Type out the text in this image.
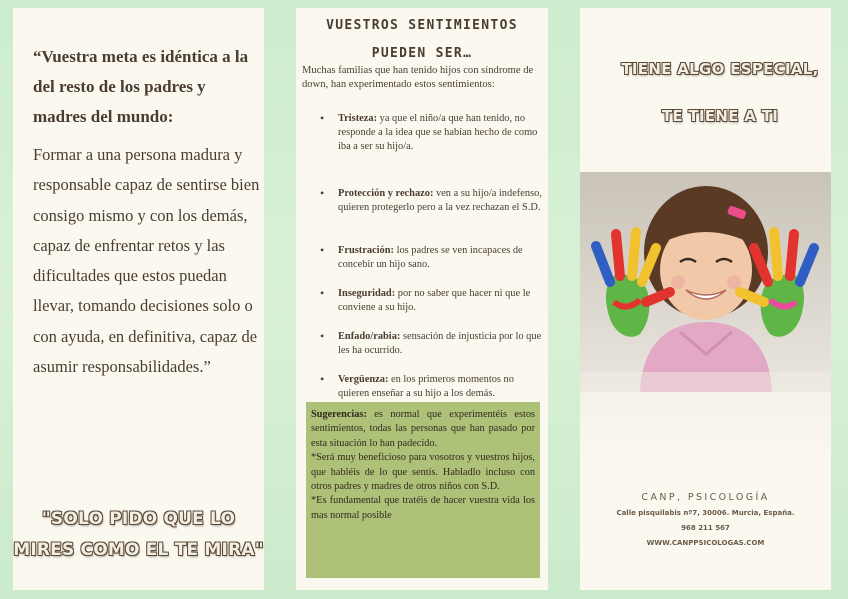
“Vuestra meta es idéntica a la del resto de los padres y madres del mundo:
Formar a una persona madura y responsable capaz de sentirse bien consigo mismo y con los demás, capaz de enfrentar retos y las dificultades que estos puedan llevar, tomando decisiones solo o con ayuda, en definitiva, capaz de asumir responsabilidades.”
"SOLO PIDO QUE LO MIRES COMO EL TE MIRA"
VUESTROS SENTIMIENTOS PUEDEN SER…
Muchas familias que han tenido hijos con síndrome de down, han experimentado estos sentimientos:
• Tristeza: ya que el niño/a que han tenido, no responde a la idea que se habían hecho de como iba a ser su hijo/a.
• Protección y rechazo: ven a su hijo/a indefenso, quieren protegerlo pero a la vez rechazan el S.D.
• Frustración: los padres se ven incapaces de concebir un hijo sano.
• Inseguridad: por no saber que hacer ni que le conviene a su hijo.
• Enfado/rabia: sensación de injusticia por lo que les ha ocurrido.
• Vergüenza: en los primeros momentos no quieren enseñar a su hijo a los demás.

Sugerencias: es normal que experimentéis estos sentimientos, todas las personas que han pasado por esta situación lo han padecido.

*Será muy beneficioso para vosotros y vuestros hijos, que habléis de lo que sentís. Habladlo incluso con otros padres y madres de otros niños con S.D.

*Es fundamental que tratéis de hacer vuestra vida los mas normal posible

TIENE ALGO ESPECIAL,
TE TIENE A TI
CANP, PSICOLOGÍA
Calle pisquilabis nº7, 30006. Murcia, España.
968 211 567
WWW.CANPPSICOLOGAS.COM
